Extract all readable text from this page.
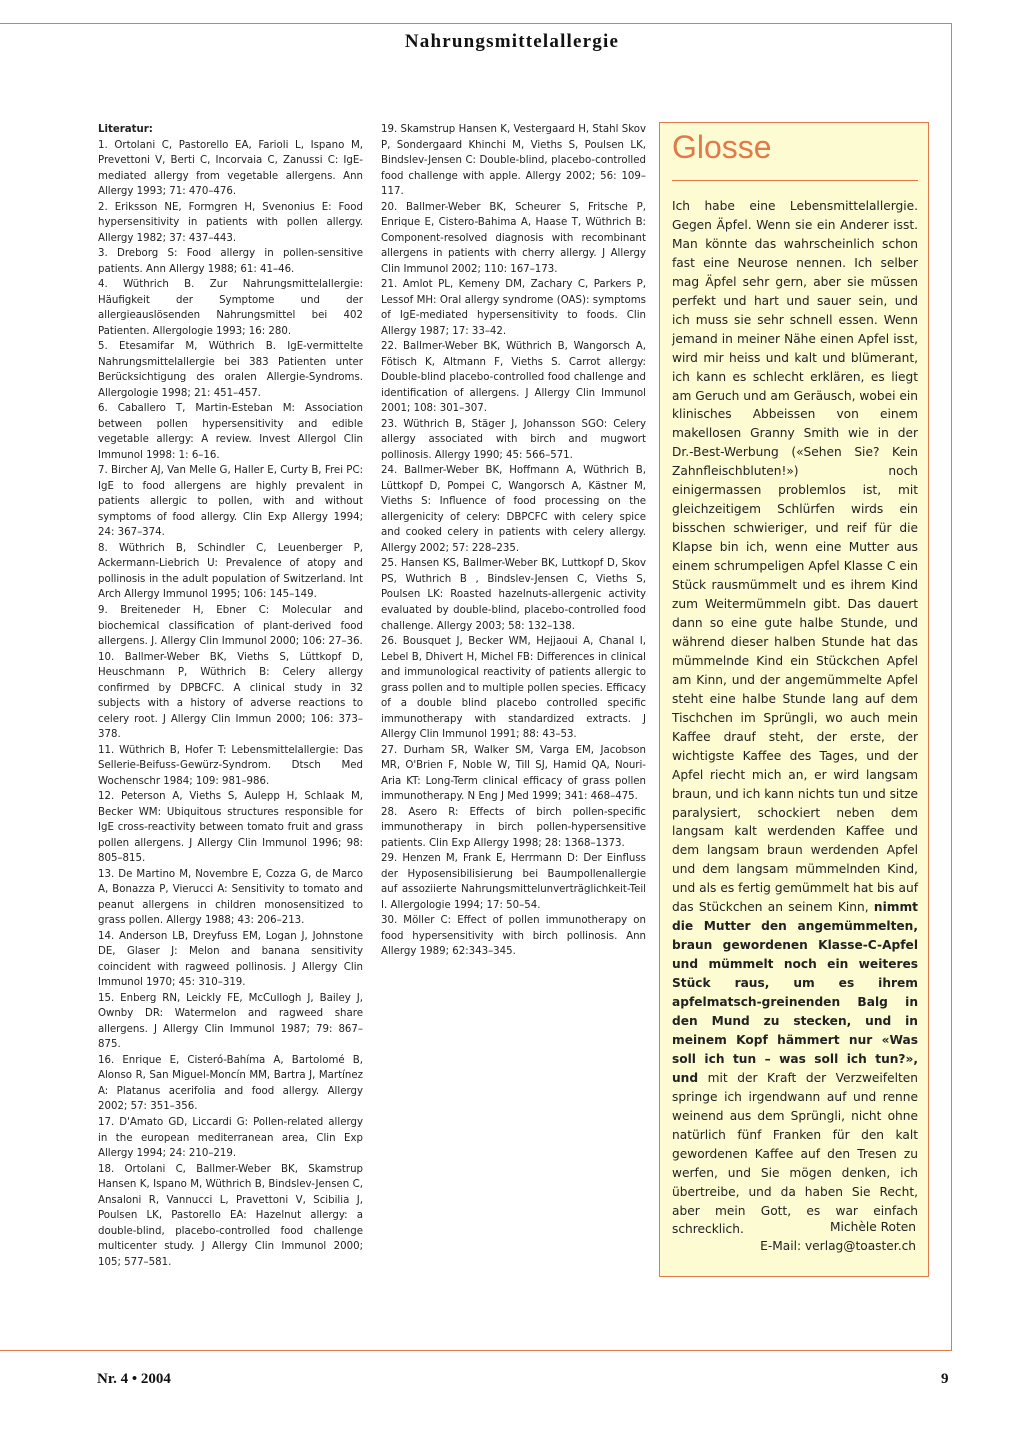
Nahrungsmittelallergie
Literatur:
1. Ortolani C, Pastorello EA, Farioli L, Ispano M, Prevettoni V, Berti C, Incorvaia C, Zanussi C: IgE-mediated allergy from vegetable allergens. Ann Allergy 1993; 71: 470–476.
2. Eriksson NE, Formgren H, Svenonius E: Food hypersensitivity in patients with pollen allergy. Allergy 1982; 37: 437–443.
3. Dreborg S: Food allergy in pollen-sensitive patients. Ann Allergy 1988; 61: 41–46.
4. Wüthrich B. Zur Nahrungsmittelallergie: Häufigkeit der Symptome und der allergieauslösenden Nahrungsmittel bei 402 Patienten. Allergologie 1993; 16: 280.
5. Etesamifar M, Wüthrich B. IgE-vermittelte Nahrungsmittelallergie bei 383 Patienten unter Berücksichtigung des oralen Allergie-Syndroms. Allergologie 1998; 21: 451–457.
6. Caballero T, Martin-Esteban M: Association between pollen hypersensitivity and edible vegetable allergy: A review. Invest Allergol Clin Immunol 1998: 1: 6–16.
7. Bircher AJ, Van Melle G, Haller E, Curty B, Frei PC: IgE to food allergens are highly prevalent in patients allergic to pollen, with and without symptoms of food allergy. Clin Exp Allergy 1994; 24: 367–374.
8. Wüthrich B, Schindler C, Leuenberger P, Ackermann-Liebrich U: Prevalence of atopy and pollinosis in the adult population of Switzerland. Int Arch Allergy Immunol 1995; 106: 145–149.
9. Breiteneder H, Ebner C: Molecular and biochemical classification of plant-derived food allergens. J. Allergy Clin Immunol 2000; 106: 27–36.
10. Ballmer-Weber BK, Vieths S, Lüttkopf D, Heuschmann P, Wüthrich B: Celery allergy confirmed by DPBCFC. A clinical study in 32 subjects with a history of adverse reactions to celery root. J Allergy Clin Immun 2000; 106: 373–378.
11. Wüthrich B, Hofer T: Lebensmittelallergie: Das Sellerie-Beifuss-Gewürz-Syndrom. Dtsch Med Wochenschr 1984; 109: 981–986.
12. Peterson A, Vieths S, Aulepp H, Schlaak M, Becker WM: Ubiquitous structures responsible for IgE cross-reactivity between tomato fruit and grass pollen allergens. J Allergy Clin Immunol 1996; 98: 805–815.
13. De Martino M, Novembre E, Cozza G, de Marco A, Bonazza P, Vierucci A: Sensitivity to tomato and peanut allergens in children monosensitized to grass pollen. Allergy 1988; 43: 206–213.
14. Anderson LB, Dreyfuss EM, Logan J, Johnstone DE, Glaser J: Melon and banana sensitivity coincident with ragweed pollinosis. J Allergy Clin Immunol 1970; 45: 310–319.
15. Enberg RN, Leickly FE, McCullogh J, Bailey J, Ownby DR: Watermelon and ragweed share allergens. J Allergy Clin Immunol 1987; 79: 867–875.
16. Enrique E, Cisteró-Bahíma A, Bartolomé B, Alonso R, San Miguel-Moncín MM, Bartra J, Martínez A: Platanus acerifolia and food allergy. Allergy 2002; 57: 351–356.
17. D'Amato GD, Liccardi G: Pollen-related allergy in the european mediterranean area, Clin Exp Allergy 1994; 24: 210–219.
18. Ortolani C, Ballmer-Weber BK, Skamstrup Hansen K, Ispano M, Wüthrich B, Bindslev-Jensen C, Ansaloni R, Vannucci L, Pravettoni V, Scibilia J, Poulsen LK, Pastorello EA: Hazelnut allergy: a double-blind, placebo-controlled food challenge multicenter study. J Allergy Clin Immunol 2000; 105; 577–581.
19. Skamstrup Hansen K, Vestergaard H, Stahl Skov P, Sondergaard Khinchi M, Vieths S, Poulsen LK, Bindslev-Jensen C: Double-blind, placebo-controlled food challenge with apple. Allergy 2002; 56: 109–117.
20. Ballmer-Weber BK, Scheurer S, Fritsche P, Enrique E, Cistero-Bahima A, Haase T, Wüthrich B: Component-resolved diagnosis with recombinant allergens in patients with cherry allergy. J Allergy Clin Immunol 2002; 110: 167–173.
21. Amlot PL, Kemeny DM, Zachary C, Parkers P, Lessof MH: Oral allergy syndrome (OAS): symptoms of IgE-mediated hypersensitivity to foods. Clin Allergy 1987; 17: 33–42.
22. Ballmer-Weber BK, Wüthrich B, Wangorsch A, Fötisch K, Altmann F, Vieths S. Carrot allergy: Double-blind placebo-controlled food challenge and identification of allergens. J Allergy Clin Immunol 2001; 108: 301–307.
23. Wüthrich B, Stäger J, Johansson SGO: Celery allergy associated with birch and mugwort pollinosis. Allergy 1990; 45: 566–571.
24. Ballmer-Weber BK, Hoffmann A, Wüthrich B, Lüttkopf D, Pompei C, Wangorsch A, Kästner M, Vieths S: Influence of food processing on the allergenicity of celery: DBPCFC with celery spice and cooked celery in patients with celery allergy. Allergy 2002; 57: 228–235.
25. Hansen KS, Ballmer-Weber BK, Luttkopf D, Skov PS, Wuthrich B , Bindslev-Jensen C, Vieths S, Poulsen LK: Roasted hazelnuts-allergenic activity evaluated by double-blind, placebo-controlled food challenge. Allergy 2003; 58: 132–138.
26. Bousquet J, Becker WM, Hejjaoui A, Chanal I, Lebel B, Dhivert H, Michel FB: Differences in clinical and immunological reactivity of patients allergic to grass pollen and to multiple pollen species. Efficacy of a double blind placebo controlled specific immunotherapy with standardized extracts. J Allergy Clin Immunol 1991; 88: 43–53.
27. Durham SR, Walker SM, Varga EM, Jacobson MR, O'Brien F, Noble W, Till SJ, Hamid QA, Nouri-Aria KT: Long-Term clinical efficacy of grass pollen immunotherapy. N Eng J Med 1999; 341: 468–475.
28. Asero R: Effects of birch pollen-specific immunotherapy in birch pollen-hypersensitive patients. Clin Exp Allergy 1998; 28: 1368–1373.
29. Henzen M, Frank E, Herrmann D: Der Einfluss der Hyposensibilisierung bei Baumpollenallergie auf assoziierte Nahrungsmittelunverträglichkeit-Teil I. Allergologie 1994; 17: 50–54.
30. Möller C: Effect of pollen immunotherapy on food hypersensitivity with birch pollinosis. Ann Allergy 1989; 62:343–345.
Glosse
Ich habe eine Lebensmittelallergie. Gegen Äpfel. Wenn sie ein Anderer isst. Man könnte das wahrscheinlich schon fast eine Neurose nennen. Ich selber mag Äpfel sehr gern, aber sie müssen perfekt und hart und sauer sein, und ich muss sie sehr schnell essen. Wenn jemand in meiner Nähe einen Apfel isst, wird mir heiss und kalt und blümerant, ich kann es schlecht erklären, es liegt am Geruch und am Geräusch, wobei ein klinisches Abbeissen von einem makellosen Granny Smith wie in der Dr.-Best-Werbung («Sehen Sie? Kein Zahnfleischbluten!») noch einigermassen problemlos ist, mit gleichzeitigem Schlürfen wirds ein bisschen schwieriger, und reif für die Klapse bin ich, wenn eine Mutter aus einem schrumpeligen Apfel Klasse C ein Stück rausmümmelt und es ihrem Kind zum Weitermümmeln gibt. Das dauert dann so eine gute halbe Stunde, und während dieser halben Stunde hat das mümmelnde Kind ein Stückchen Apfel am Kinn, und der angemümmelte Apfel steht eine halbe Stunde lang auf dem Tischchen im Sprüngli, wo auch mein Kaffee drauf steht, der erste, der wichtigste Kaffee des Tages, und der Apfel riecht mich an, er wird langsam braun, und ich kann nichts tun und sitze paralysiert, schockiert neben dem langsam kalt werdenden Kaffee und dem langsam braun werdenden Apfel und dem langsam mümmelnden Kind, und als es fertig gemümmelt hat bis auf das Stückchen an seinem Kinn, nimmt die Mutter den angemümmelten, braun gewordenen Klasse-C-Apfel und mümmelt noch ein weiteres Stück raus, um es ihrem apfelmatsch-greinenden Balg in den Mund zu stecken, und in meinem Kopf hämmert nur «Was soll ich tun – was soll ich tun?», und mit der Kraft der Verzweifelten springe ich irgendwann auf und renne weinend aus dem Sprüngli, nicht ohne natürlich fünf Franken für den kalt gewordenen Kaffee auf den Tresen zu werfen, und Sie mögen denken, ich übertreibe, und da haben Sie Recht, aber mein Gott, es war einfach schrecklich.	Michèle Roten
E-Mail: verlag@toaster.ch
Nr. 4 • 2004	9
